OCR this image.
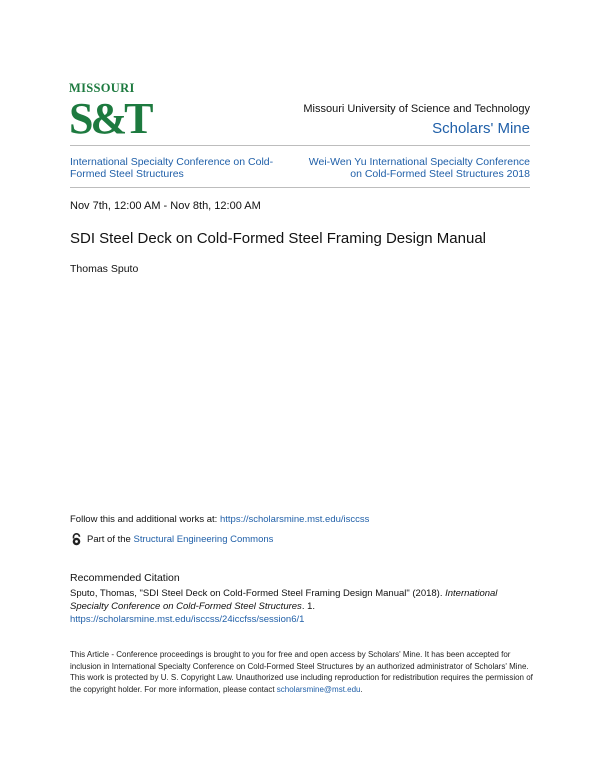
MISSOURI
S&T	Missouri University of Science and Technology
Scholars' Mine
International Specialty Conference on Cold-Formed Steel Structures
Wei-Wen Yu International Specialty Conference on Cold-Formed Steel Structures 2018
Nov 7th, 12:00 AM - Nov 8th, 12:00 AM
SDI Steel Deck on Cold-Formed Steel Framing Design Manual
Thomas Sputo
Follow this and additional works at: https://scholarsmine.mst.edu/isccss
Part of the
Structural Engineering Commons
Recommended Citation
Sputo, Thomas, "SDI Steel Deck on Cold-Formed Steel Framing Design Manual" (2018). International Specialty Conference on Cold-Formed Steel Structures. 1.
https://scholarsmine.mst.edu/isccss/24iccfss/session6/1
This Article - Conference proceedings is brought to you for free and open access by Scholars' Mine. It has been accepted for inclusion in International Specialty Conference on Cold-Formed Steel Structures by an authorized administrator of Scholars' Mine. This work is protected by U. S. Copyright Law. Unauthorized use including reproduction for redistribution requires the permission of the copyright holder. For more information, please contact scholarsmine@mst.edu.
